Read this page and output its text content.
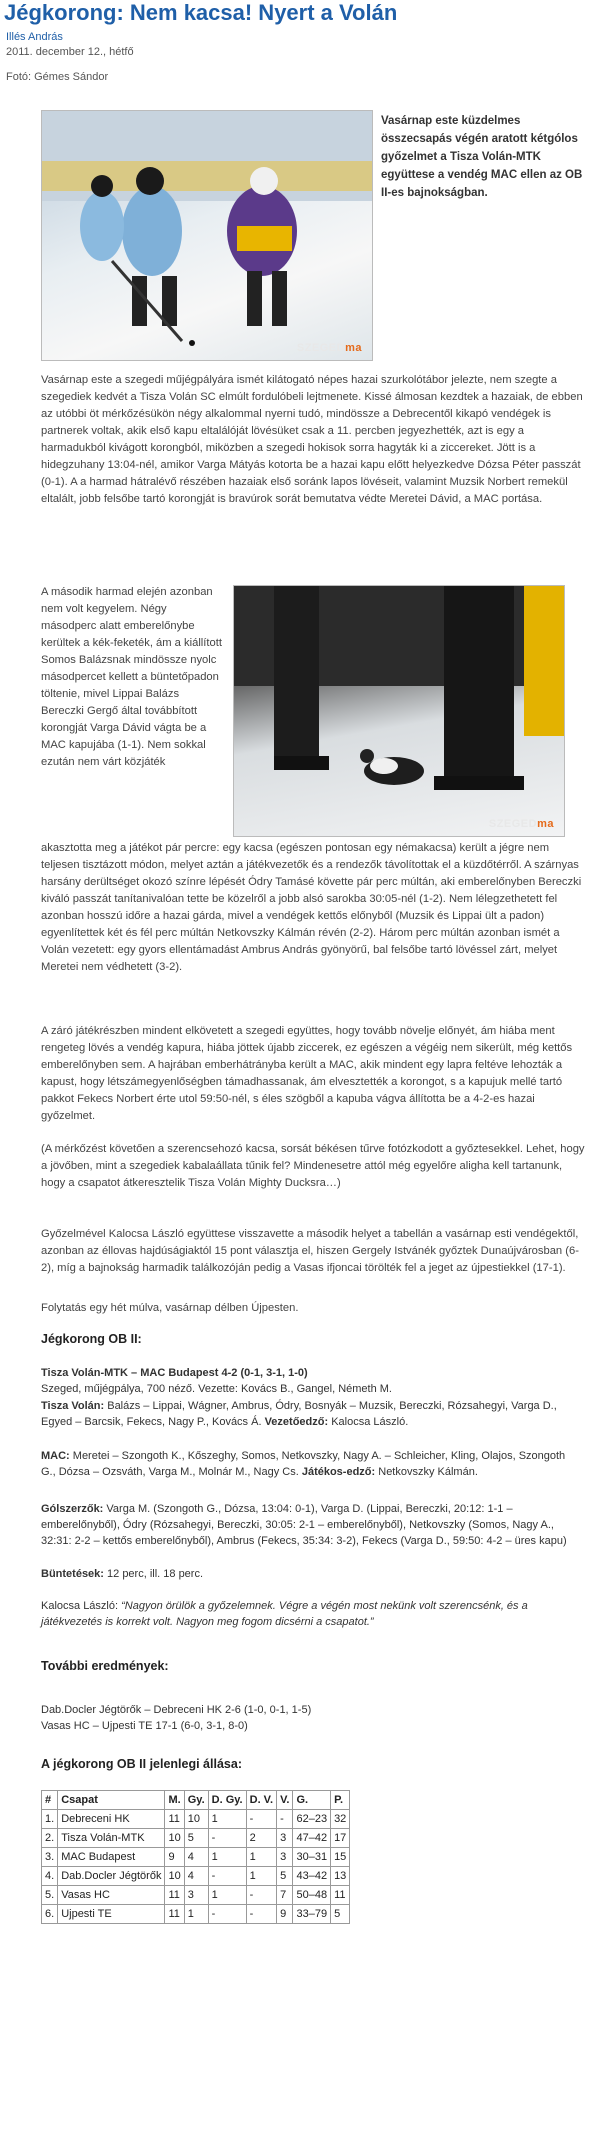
Jégkorong: Nem kacsa! Nyert a Volán
Illés András
2011. december 12., hétfő
Fotó: Gémes Sándor
SZEGEDma
Vasárnap este küzdelmes összecsapás végén aratott kétgólos győzelmet a Tisza Volán-MTK együttese a vendég MAC ellen az OB II-es bajnokságban.
Vasárnap este a szegedi műjégpályára ismét kilátogató népes hazai szurkolótábor jelezte, nem szegte a szegediek kedvét a Tisza Volán SC elmúlt fordulóbeli lejtmenete. Kissé álmosan kezdtek a hazaiak, de ebben az utóbbi öt mérkőzésükön négy alkalommal nyerni tudó, mindössze a Debrecentől kikapó vendégek is partnerek voltak, akik első kapu eltalálóját lövésüket csak a 11. percben jegyezhették, azt is egy a harmadukból kivágott korongból, miközben a szegedi hokisok sorra hagyták ki a ziccereket. Jött is a hidegzuhany 13:04-nél, amikor Varga Mátyás kotorta be a hazai kapu előtt helyezkedve Dózsa Péter passzát (0-1). A a harmad hátralévő részében hazaiak első soránk lapos lövéseit, valamint Muzsik Norbert remekül eltalált, jobb felsőbe tartó korongját is bravúrok sorát bemutatva védte Meretei Dávid, a MAC portása.
A második harmad elején azonban nem volt kegyelem. Négy másodperc alatt emberelőnybe kerültek a kék-feketék, ám a kiállított Somos Balázsnak mindössze nyolc másodpercet kellett a büntetőpadon töltenie, mivel Lippai Balázs Bereczki Gergő által továbbított korongját Varga Dávid vágta be a MAC kapujába (1-1). Nem sokkal ezután nem várt közjáték
SZEGEDma
akasztotta meg a játékot pár percre: egy kacsa (egészen pontosan egy némakacsa) került a jégre nem teljesen tisztázott módon, melyet aztán a játékvezetők és a rendezők távolítottak el a küzdőtérről. A szárnyas harsány derültséget okozó színre lépését Ódry Tamásé követte pár perc múltán, aki emberelőnyben Bereczki kiváló passzát tanítanivalóan tette be közelről a jobb alsó sarokba 30:05-nél (1-2). Nem lélegzethetett fel azonban hosszú időre a hazai gárda, mivel a vendégek kettős előnyből (Muzsik és Lippai ült a padon) egyenlítettek két és fél perc múltán Netkovszky Kálmán révén (2-2). Három perc múltán azonban ismét a Volán vezetett: egy gyors ellentámadást Ambrus András gyönyörű, bal felsőbe tartó lövéssel zárt, melyet Meretei nem védhetett (3-2).
A záró játékrészben mindent elkövetett a szegedi együttes, hogy tovább növelje előnyét, ám hiába ment rengeteg lövés a vendég kapura, hiába jöttek újabb ziccerek, ez egészen a végéig nem sikerült, még kettős emberelőnyben sem. A hajrában emberhátrányba került a MAC, akik mindent egy lapra feltéve lehozták a kapust, hogy létszámegyenlőségben támadhassanak, ám elvesztették a korongot, s a kapujuk mellé tartó pakkot Fekecs Norbert érte utol 59:50-nél, s éles szögből a kapuba vágva állította be a 4-2-es hazai győzelmet.
(A mérkőzést követően a szerencsehozó kacsa, sorsát békésen tűrve fotózkodott a győztesekkel. Lehet, hogy a jövőben, mint a szegediek kabalaállata tűnik fel? Mindenesetre attól még egyelőre aligha kell tartanunk, hogy a csapatot átkeresztelik Tisza Volán Mighty Ducksra…)
Győzelmével Kalocsa László együttese visszavette a második helyet a tabellán a vasárnap esti vendégektől, azonban az éllovas hajdúságiaktól 15 pont választja el, hiszen Gergely Istvánék győztek Dunaújvárosban (6-2), míg a bajnokság harmadik találkozóján pedig a Vasas ifjoncai törölték fel a jeget az újpestiekkel (17-1).
Folytatás egy hét múlva, vasárnap délben Újpesten.
Jégkorong OB II:
Tisza Volán-MTK – MAC Budapest 4-2 (0-1, 3-1, 1-0)
Szeged, műjégpálya, 700 néző. Vezette: Kovács B., Gangel, Németh M.
Tisza Volán: Balázs – Lippai, Wágner, Ambrus, Ódry, Bosnyák – Muzsik, Bereczki, Rózsahegyi, Varga D., Egyed – Barcsik, Fekecs, Nagy P., Kovács Á. Vezetőedző: Kalocsa László.
MAC: Meretei – Szongoth K., Kőszeghy, Somos, Netkovszky, Nagy A. – Schleicher, Kling, Olajos, Szongoth G., Dózsa – Ozsváth, Varga M., Molnár M., Nagy Cs. Játékos-edző: Netkovszky Kálmán.
Gólszerzők: Varga M. (Szongoth G., Dózsa, 13:04: 0-1), Varga D. (Lippai, Bereczki, 20:12: 1-1 – emberelőnyből), Ódry (Rózsahegyi, Bereczki, 30:05: 2-1 – emberelőnyből), Netkovszky (Somos, Nagy A., 32:31: 2-2 – kettős emberelőnyből), Ambrus (Fekecs, 35:34: 3-2), Fekecs (Varga D., 59:50: 4-2 – üres kapu)
Büntetések: 12 perc, ill. 18 perc.
Kalocsa László: “Nagyon örülök a győzelemnek. Végre a végén most nekünk volt szerencsénk, és a játékvezetés is korrekt volt. Nagyon meg fogom dicsérni a csapatot.”
További eredmények:
Dab.Docler Jégtörők – Debreceni HK 2-6 (1-0, 0-1, 1-5)
Vasas HC – Ujpesti TE 17-1 (6-0, 3-1, 8-0)
A jégkorong OB II jelenlegi állása:
#	Csapat	M.	Gy.	D. Gy.	D. V.	V.	G.	P.
1.	Debreceni HK	11	10	1	-	-	62–23	32
2.	Tisza Volán-MTK	10	5	-	2	3	47–42	17
3.	MAC Budapest	9	4	1	1	3	30–31	15
4.	Dab.Docler Jégtörők	10	4	-	1	5	43–42	13
5.	Vasas HC	11	3	1	-	7	50–48	11
6.	Ujpesti TE	11	1	-	-	9	33–79	5
